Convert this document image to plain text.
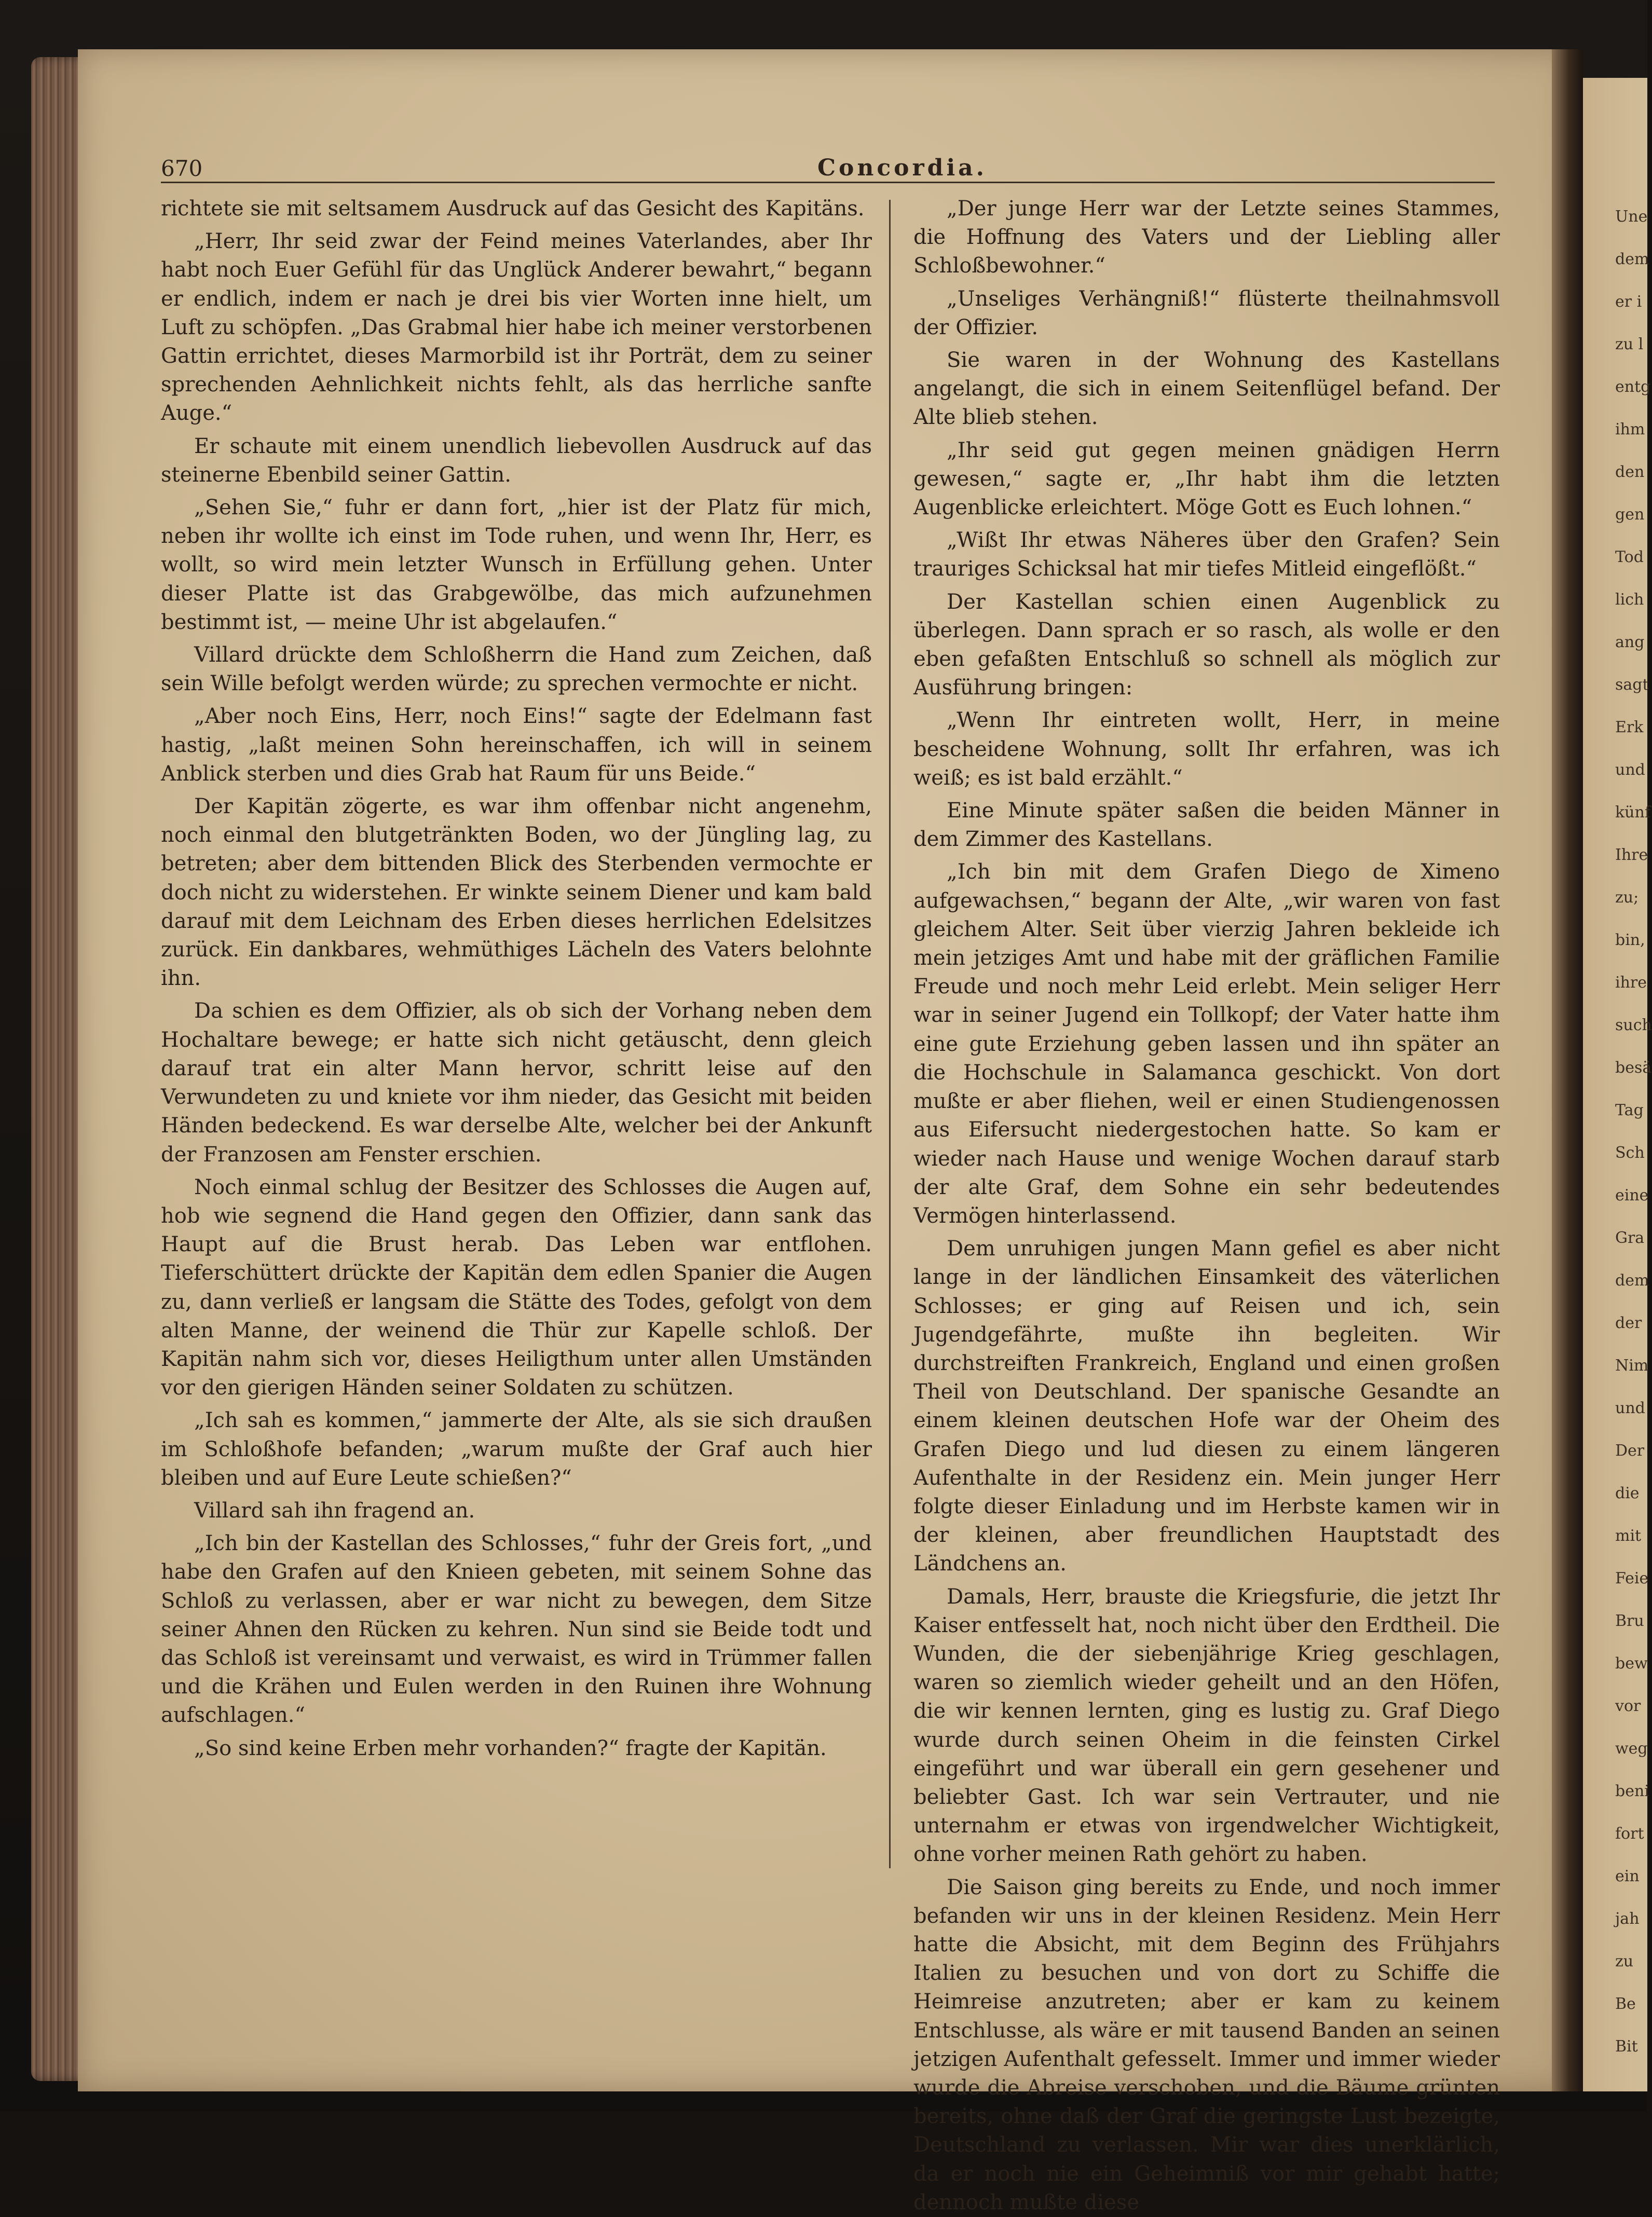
Une
dem
er i
zu l
entg
ihm
den
gen
Tod
lich
ang
sagt
Erk
und
künf
Ihre
zu;
bin,
ihre
such
besä
Tag
Sch
eine
Gra
dem
der
Nim
und
Der
die
mit
Feie
Bru
bew
vor
weg
beni
fort
ein
jah
zu
Be
Bit
670	Concordia.

richtete sie mit seltsamem Ausdruck auf das Gesicht des Kapitäns.

„Herr, Ihr seid zwar der Feind meines Vaterlandes, aber Ihr habt noch Euer Gefühl für das Unglück Anderer bewahrt,“ begann er endlich, indem er nach je drei bis vier Worten inne hielt, um Luft zu schöpfen. „Das Grabmal hier habe ich meiner verstorbenen Gattin errichtet, dieses Marmorbild ist ihr Porträt, dem zu seiner sprechenden Aehnlichkeit nichts fehlt, als das herrliche sanfte Auge.“

Er schaute mit einem unendlich liebevollen Ausdruck auf das steinerne Ebenbild seiner Gattin.

„Sehen Sie,“ fuhr er dann fort, „hier ist der Platz für mich, neben ihr wollte ich einst im Tode ruhen, und wenn Ihr, Herr, es wollt, so wird mein letzter Wunsch in Erfüllung gehen. Unter dieser Platte ist das Grabgewölbe, das mich aufzunehmen bestimmt ist, — meine Uhr ist abgelaufen.“

Villard drückte dem Schloßherrn die Hand zum Zeichen, daß sein Wille befolgt werden würde; zu sprechen vermochte er nicht.

„Aber noch Eins, Herr, noch Eins!“ sagte der Edelmann fast hastig, „laßt meinen Sohn hereinschaffen, ich will in seinem Anblick sterben und dies Grab hat Raum für uns Beide.“

Der Kapitän zögerte, es war ihm offenbar nicht angenehm, noch einmal den blutgetränkten Boden, wo der Jüngling lag, zu betreten; aber dem bittenden Blick des Sterbenden vermochte er doch nicht zu widerstehen. Er winkte seinem Diener und kam bald darauf mit dem Leichnam des Erben dieses herrlichen Edelsitzes zurück. Ein dankbares, wehmüthiges Lächeln des Vaters belohnte ihn.

Da schien es dem Offizier, als ob sich der Vorhang neben dem Hochaltare bewege; er hatte sich nicht getäuscht, denn gleich darauf trat ein alter Mann hervor, schritt leise auf den Verwundeten zu und kniete vor ihm nieder, das Gesicht mit beiden Händen bedeckend. Es war derselbe Alte, welcher bei der Ankunft der Franzosen am Fenster erschien.

Noch einmal schlug der Besitzer des Schlosses die Augen auf, hob wie segnend die Hand gegen den Offizier, dann sank das Haupt auf die Brust herab. Das Leben war entflohen. Tieferschüttert drückte der Kapitän dem edlen Spanier die Augen zu, dann verließ er langsam die Stätte des Todes, gefolgt von dem alten Manne, der weinend die Thür zur Kapelle schloß. Der Kapitän nahm sich vor, dieses Heiligthum unter allen Umständen vor den gierigen Händen seiner Soldaten zu schützen.

„Ich sah es kommen,“ jammerte der Alte, als sie sich draußen im Schloßhofe befanden; „warum mußte der Graf auch hier bleiben und auf Eure Leute schießen?“

Villard sah ihn fragend an.

„Ich bin der Kastellan des Schlosses,“ fuhr der Greis fort, „und habe den Grafen auf den Knieen gebeten, mit seinem Sohne das Schloß zu verlassen, aber er war nicht zu bewegen, dem Sitze seiner Ahnen den Rücken zu kehren. Nun sind sie Beide todt und das Schloß ist vereinsamt und verwaist, es wird in Trümmer fallen und die Krähen und Eulen werden in den Ruinen ihre Wohnung aufschlagen.“

„So sind keine Erben mehr vorhanden?“ fragte der Kapitän.

„Der junge Herr war der Letzte seines Stammes, die Hoffnung des Vaters und der Liebling aller Schloßbewohner.“

„Unseliges Verhängniß!“ flüsterte theilnahmsvoll der Offizier.

Sie waren in der Wohnung des Kastellans angelangt, die sich in einem Seitenflügel befand. Der Alte blieb stehen.

„Ihr seid gut gegen meinen gnädigen Herrn gewesen,“ sagte er, „Ihr habt ihm die letzten Augenblicke erleichtert. Möge Gott es Euch lohnen.“

„Wißt Ihr etwas Näheres über den Grafen? Sein trauriges Schicksal hat mir tiefes Mitleid eingeflößt.“

Der Kastellan schien einen Augenblick zu überlegen. Dann sprach er so rasch, als wolle er den eben gefaßten Entschluß so schnell als möglich zur Ausführung bringen:

„Wenn Ihr eintreten wollt, Herr, in meine bescheidene Wohnung, sollt Ihr erfahren, was ich weiß; es ist bald erzählt.“

Eine Minute später saßen die beiden Männer in dem Zimmer des Kastellans.

„Ich bin mit dem Grafen Diego de Ximeno aufgewachsen,“ begann der Alte, „wir waren von fast gleichem Alter. Seit über vierzig Jahren bekleide ich mein jetziges Amt und habe mit der gräflichen Familie Freude und noch mehr Leid erlebt. Mein seliger Herr war in seiner Jugend ein Tollkopf; der Vater hatte ihm eine gute Erziehung geben lassen und ihn später an die Hochschule in Salamanca geschickt. Von dort mußte er aber fliehen, weil er einen Studiengenossen aus Eifersucht niedergestochen hatte. So kam er wieder nach Hause und wenige Wochen darauf starb der alte Graf, dem Sohne ein sehr bedeutendes Vermögen hinterlassend.

Dem unruhigen jungen Mann gefiel es aber nicht lange in der ländlichen Einsamkeit des väterlichen Schlosses; er ging auf Reisen und ich, sein Jugendgefährte, mußte ihn begleiten. Wir durchstreiften Frankreich, England und einen großen Theil von Deutschland. Der spanische Gesandte an einem kleinen deutschen Hofe war der Oheim des Grafen Diego und lud diesen zu einem längeren Aufenthalte in der Residenz ein. Mein junger Herr folgte dieser Einladung und im Herbste kamen wir in der kleinen, aber freundlichen Hauptstadt des Ländchens an.

Damals, Herr, brauste die Kriegsfurie, die jetzt Ihr Kaiser entfesselt hat, noch nicht über den Erdtheil. Die Wunden, die der siebenjährige Krieg geschlagen, waren so ziemlich wieder geheilt und an den Höfen, die wir kennen lernten, ging es lustig zu. Graf Diego wurde durch seinen Oheim in die feinsten Cirkel eingeführt und war überall ein gern gesehener und beliebter Gast. Ich war sein Vertrauter, und nie unternahm er etwas von irgendwelcher Wichtigkeit, ohne vorher meinen Rath gehört zu haben.

Die Saison ging bereits zu Ende, und noch immer befanden wir uns in der kleinen Residenz. Mein Herr hatte die Absicht, mit dem Beginn des Frühjahrs Italien zu besuchen und von dort zu Schiffe die Heimreise anzutreten; aber er kam zu keinem Entschlusse, als wäre er mit tausend Banden an seinen jetzigen Aufenthalt gefesselt. Immer und immer wieder wurde die Abreise verschoben, und die Bäume grünten bereits, ohne daß der Graf die geringste Lust bezeigte, Deutschland zu verlassen. Mir war dies unerklärlich, da er noch nie ein Geheimniß vor mir gehabt hatte; dennoch mußte diese
